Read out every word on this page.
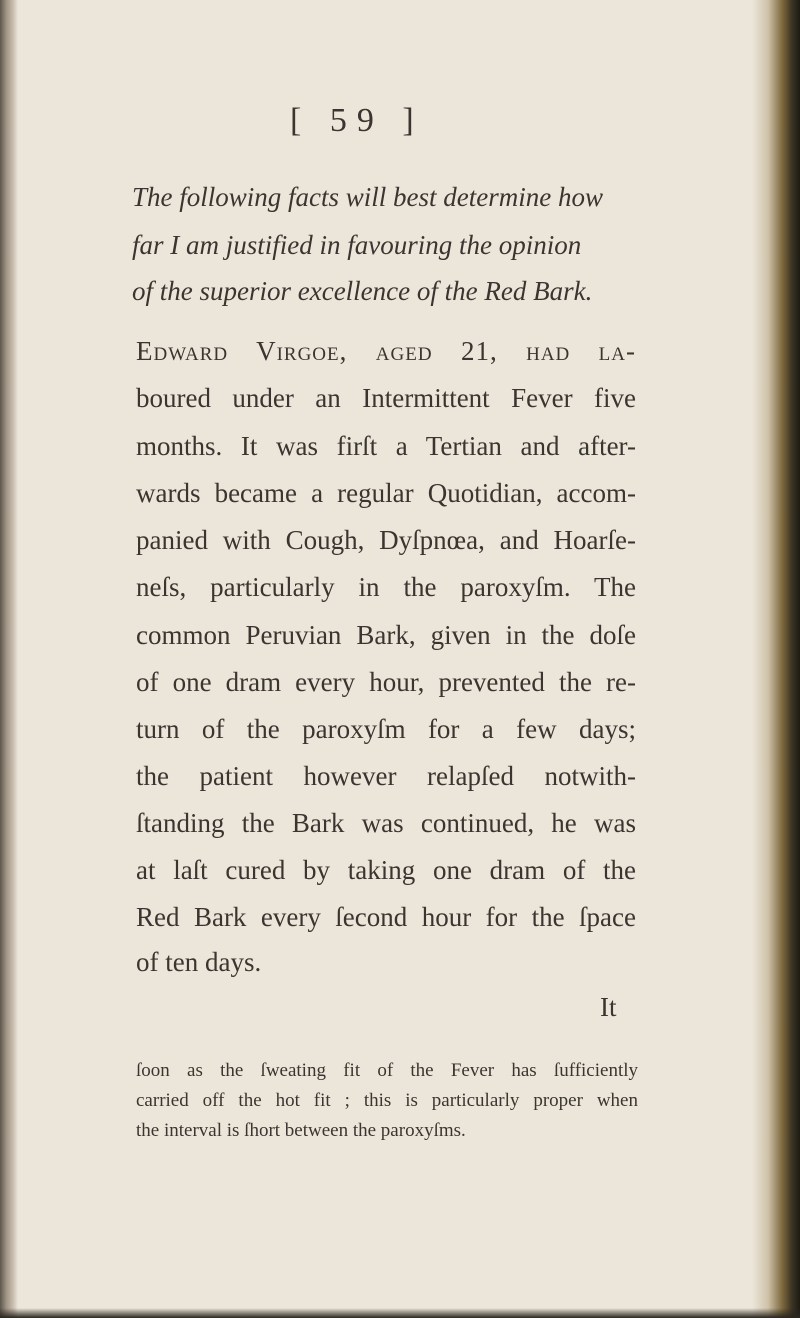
[ 59 ]
The following facts will best determine how
far I am justified in favouring the opinion
of the superior excellence of the Red Bark.
Edward Virgoe, aged 21, had la-
boured under an Intermittent Fever five
months. It was firſt a Tertian and after-
wards became a regular Quotidian, accom-
panied with Cough, Dyſpnœa, and Hoarſe-
neſs, particularly in the paroxyſm. The
common Peruvian Bark, given in the doſe
of one dram every hour, prevented the re-
turn of the paroxyſm for a few days;
the patient however relapſed notwith-
ſtanding the Bark was continued, he was
at laſt cured by taking one dram of the
Red Bark every ſecond hour for the ſpace
of ten days.
It
ſoon as the ſweating fit of the Fever has ſufficiently
carried off the hot fit ; this is particularly proper when
the interval is ſhort between the paroxyſms.
